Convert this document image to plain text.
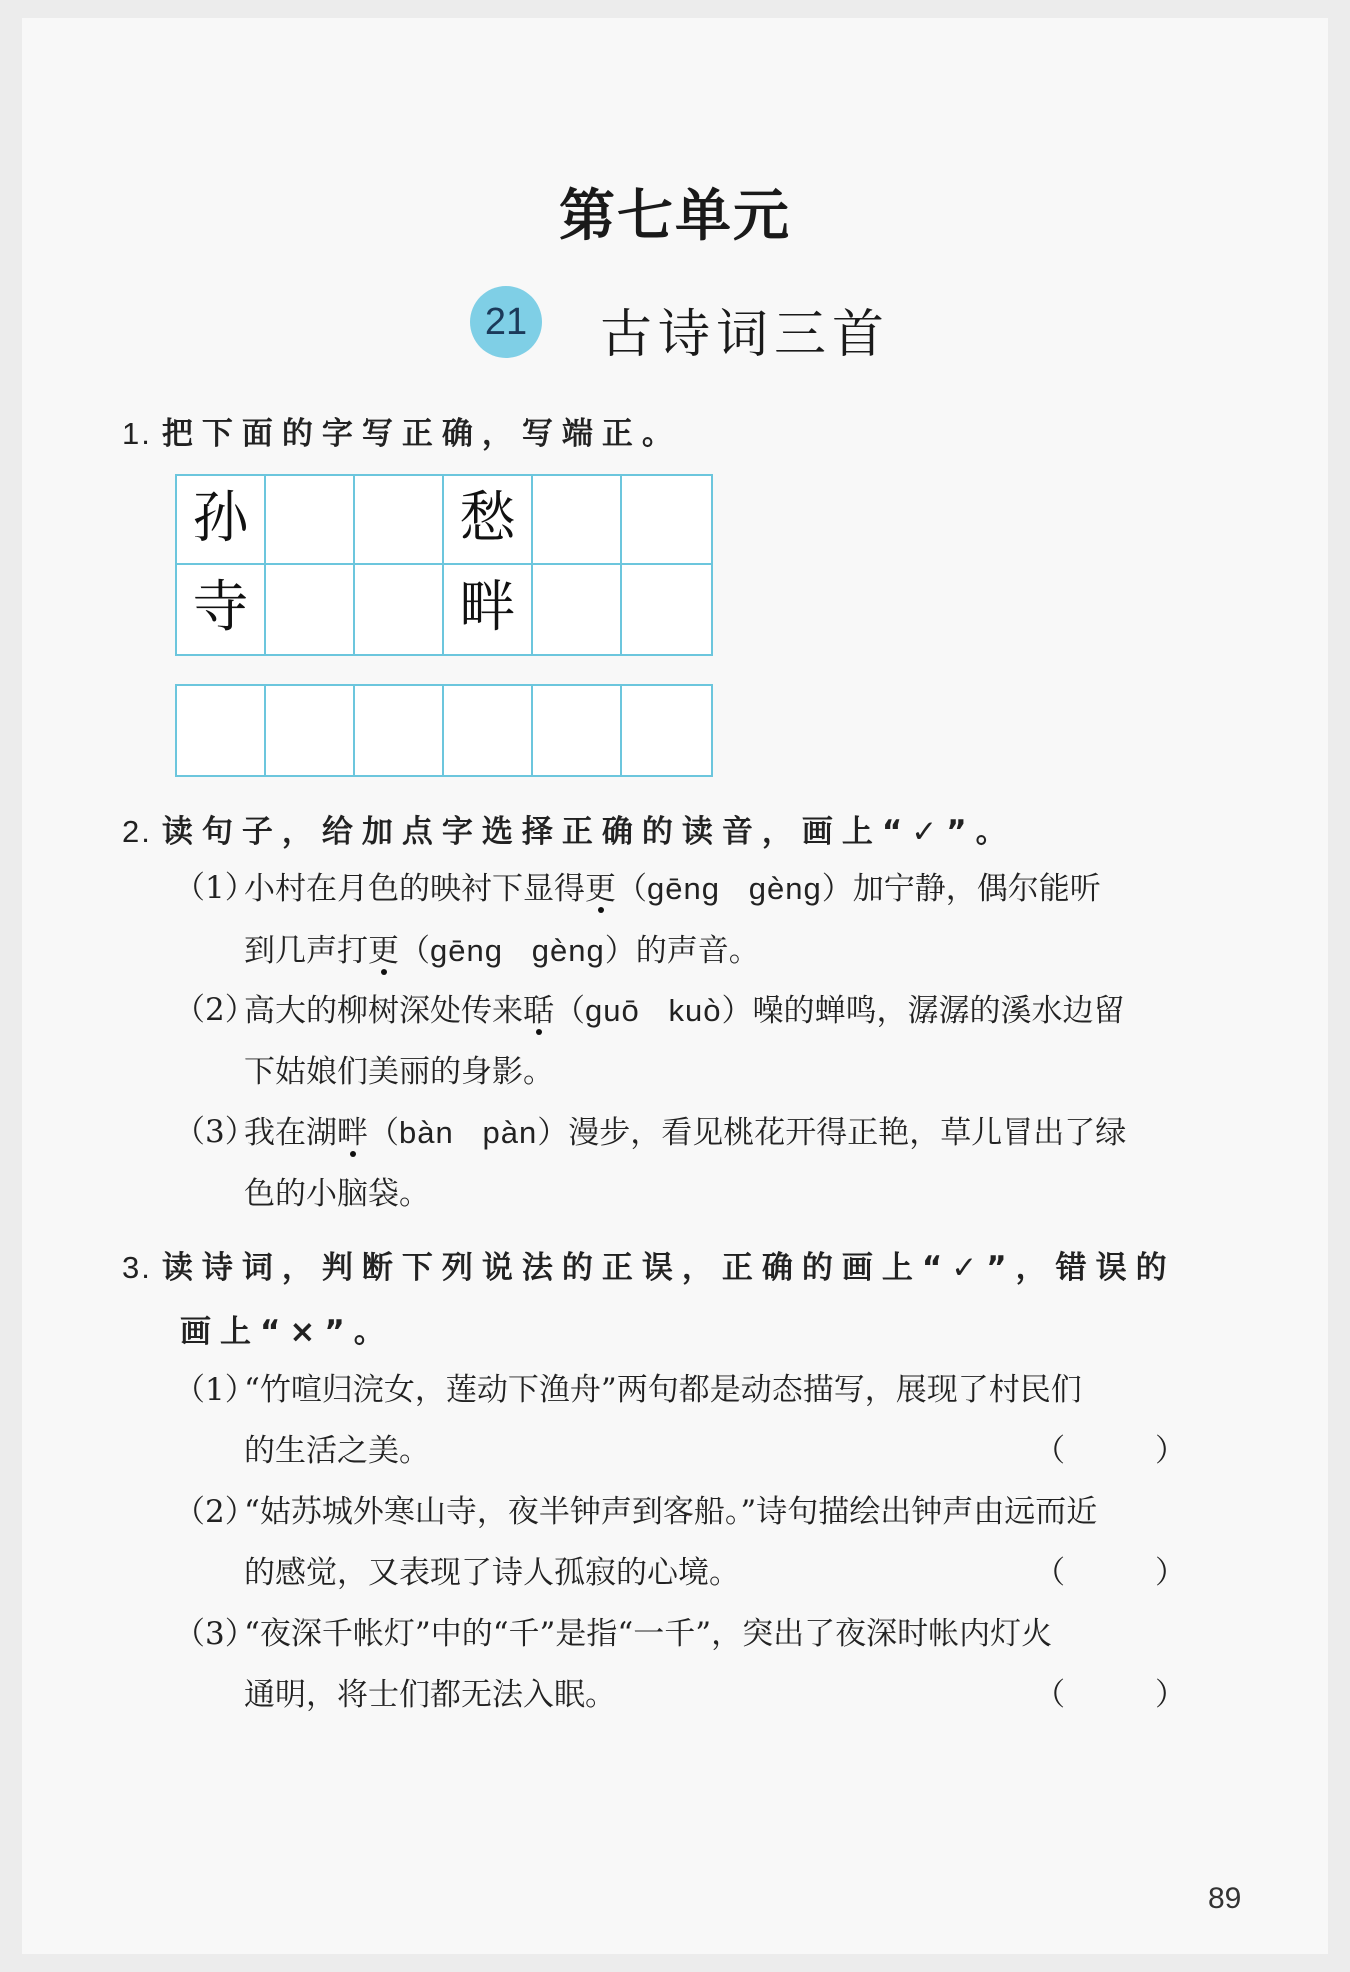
第七单元
21 古诗词三首
1. 把下面的字写正确，写端正。
孙	愁
寺	畔
2. 读句子，给加点字选择正确的读音，画上“✓”。
（1）
小村在月色的映衬下显得更（gēng   gèng）加宁静，偶尔能听
到几声打更（gēng   gèng）的声音。
（2）
高大的柳树深处传来聒（guō   kuò）噪的蝉鸣，潺潺的溪水边留
下姑娘们美丽的身影。
（3）
我在湖畔（bàn   pàn）漫步，看见桃花开得正艳，草儿冒出了绿
色的小脑袋。
3. 读诗词，判断下列说法的正误，正确的画上“✓”，错误的
画上“×”。
（1）
“竹喧归浣女，莲动下渔舟”两句都是动态描写，展现了村民们
的生活之美。	（ ）
（2）
“姑苏城外寒山寺，夜半钟声到客船。”诗句描绘出钟声由远而近
的感觉，又表现了诗人孤寂的心境。	（ ）
（3）
“夜深千帐灯”中的“千”是指“一千”，突出了夜深时帐内灯火
通明，将士们都无法入眠。	（ ）
89
